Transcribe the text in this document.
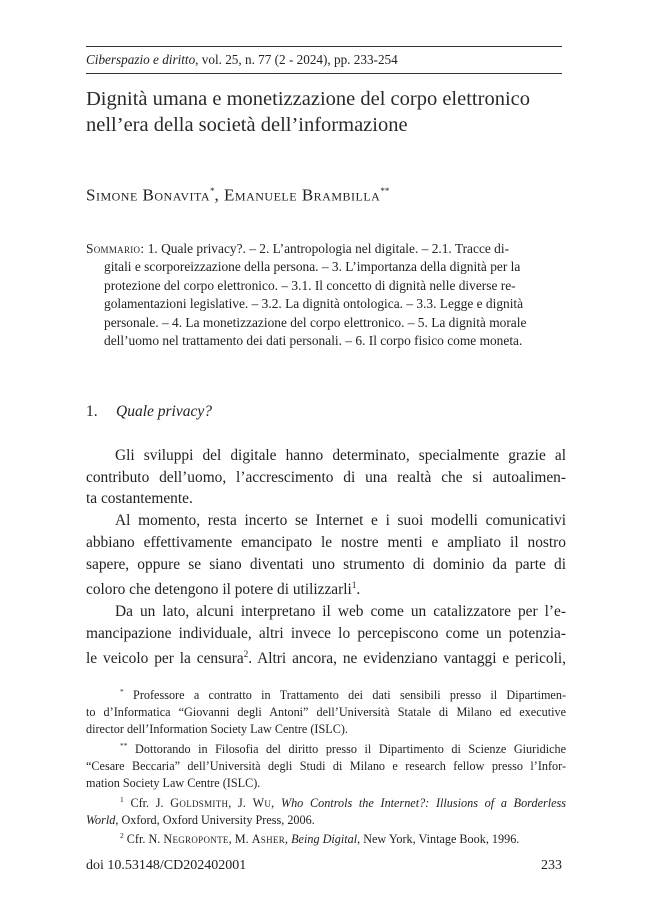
Ciberspazio e diritto, vol. 25, n. 77 (2 - 2024), pp. 233-254
Dignità umana e monetizzazione del corpo elettronico
nell’era della società dell’informazione
Simone Bonavita*, Emanuele Brambilla**
Sommario: 1. Quale privacy?. – 2. L’antropologia nel digitale. – 2.1. Tracce di-
gitali e scorporeizzazione della persona. – 3. L’importanza della dignità per la
protezione del corpo elettronico. – 3.1. Il concetto di dignità nelle diverse re-
golamentazioni legislative. – 3.2. La dignità ontologica. – 3.3. Legge e dignità
personale. – 4. La monetizzazione del corpo elettronico. – 5. La dignità morale
dell’uomo nel trattamento dei dati personali. – 6. Il corpo fisico come moneta.
1. Quale privacy?
Gli sviluppi del digitale hanno determinato, specialmente grazie al
contributo dell’uomo, l’accrescimento di una realtà che si autoalimen-
ta costantemente.
Al momento, resta incerto se Internet e i suoi modelli comunicativi
abbiano effettivamente emancipato le nostre menti e ampliato il nostro
sapere, oppure se siano diventati uno strumento di dominio da parte di
coloro che detengono il potere di utilizzarli$^1$.
Da un lato, alcuni interpretano il web come un catalizzatore per l’e-
mancipazione individuale, altri invece lo percepiscono come un potenzia-
le veicolo per la censura$^2$. Altri ancora, ne evidenziano vantaggi e pericoli,
* Professore a contratto in Trattamento dei dati sensibili presso il Dipartimen-
to d’Informatica “Giovanni degli Antoni” dell’Università Statale di Milano ed executive
director dell’Information Society Law Centre (ISLC).
** Dottorando in Filosofia del diritto presso il Dipartimento di Scienze Giuridiche
“Cesare Beccaria” dell’Università degli Studi di Milano e research fellow presso l’Infor-
mation Society Law Centre (ISLC).
$^1$ Cfr. J. Goldsmith, J. Wu, Who Controls the Internet?: Illusions of a Borderless
World, Oxford, Oxford University Press, 2006.
$^2$ Cfr. N. Negroponte, M. Asher, Being Digital, New York, Vintage Book, 1996.
doi 10.53148/CD202402001	233
